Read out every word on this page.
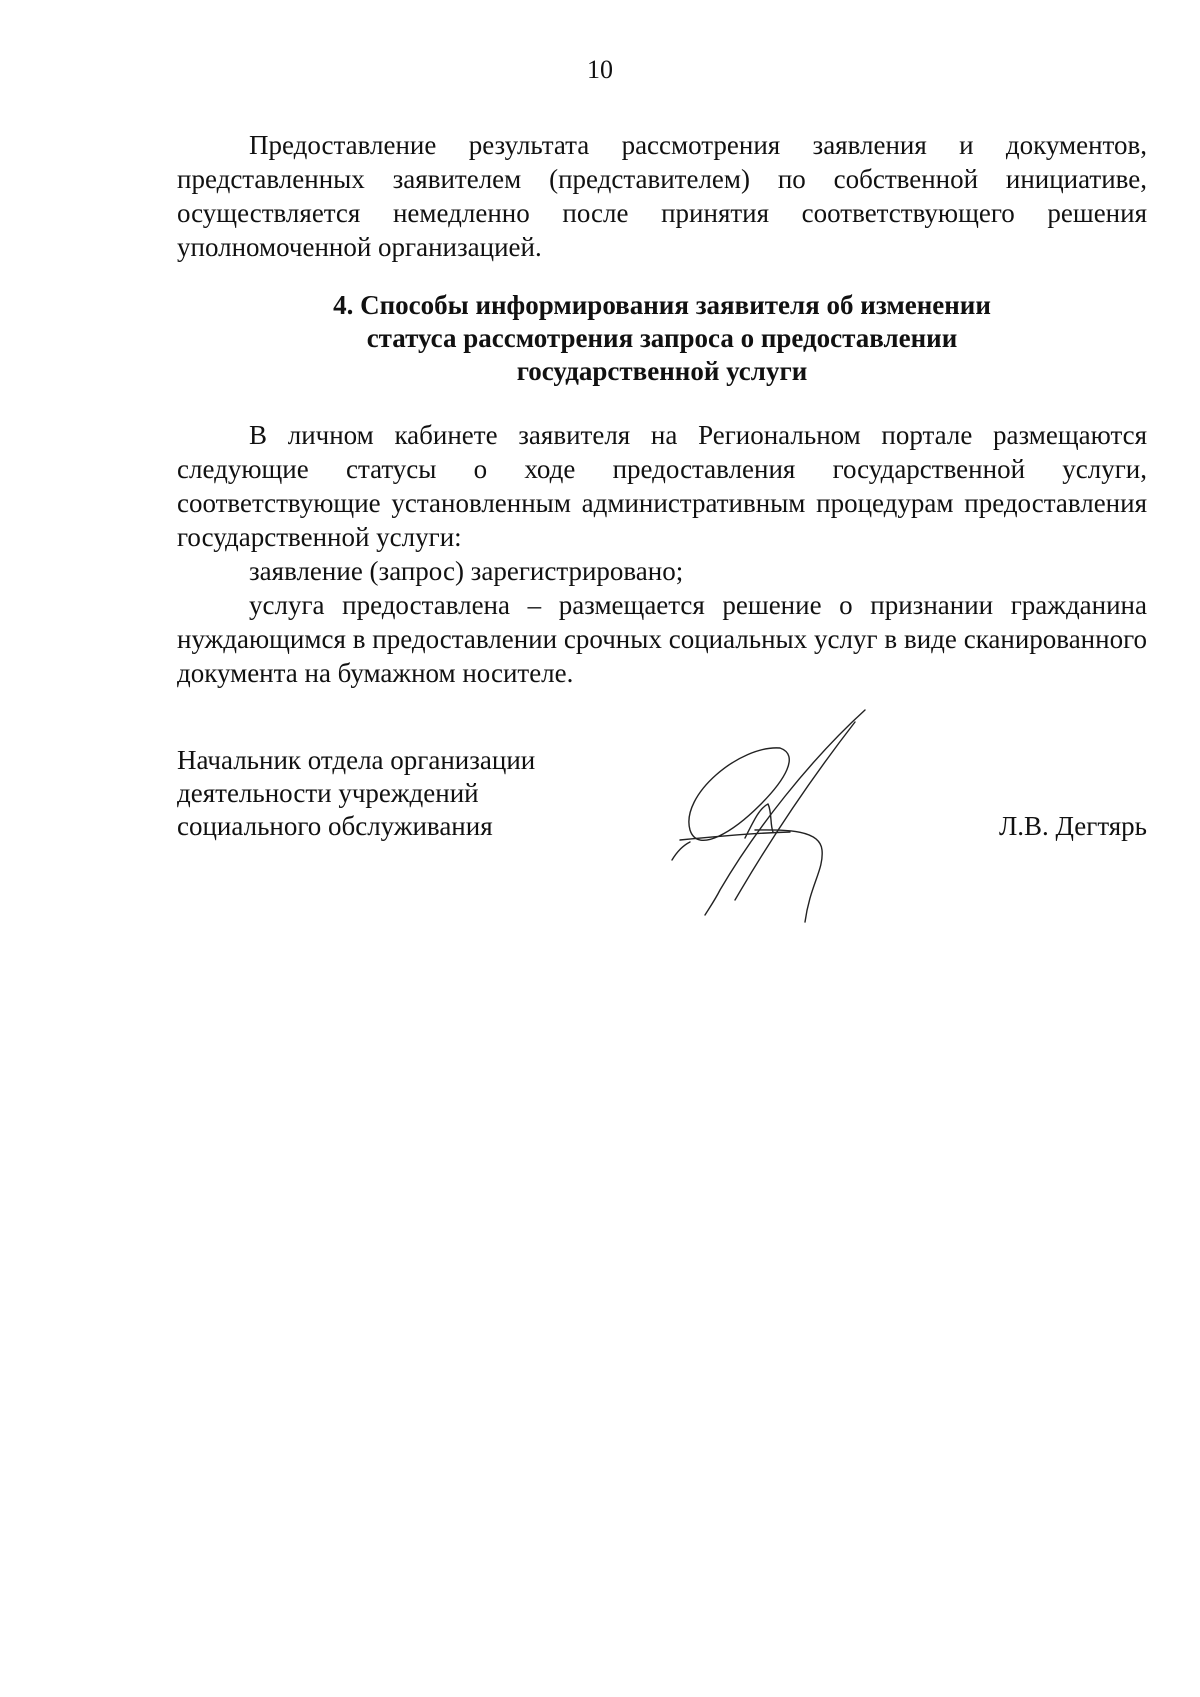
10

Предоставление результата рассмотрения заявления и документов, представленных заявителем (представителем) по собственной инициативе, осуществляется немедленно после принятия соответствующего решения уполномоченной организацией.

4. Способы информирования заявителя об изменении
статуса рассмотрения запроса о предоставлении
государственной услуги

В личном кабинете заявителя на Региональном портале размещаются следующие статусы о ходе предоставления государственной услуги, соответствующие установленным административным процедурам предоставления государственной услуги:

заявление (запрос) зарегистрировано;

услуга предоставлена – размещается решение о признании гражданина нуждающимся в предоставлении срочных социальных услуг в виде сканированного документа на бумажном носителе.

Начальник отдела организации
деятельности учреждений
социального обслуживания	Л.В. Дегтярь
